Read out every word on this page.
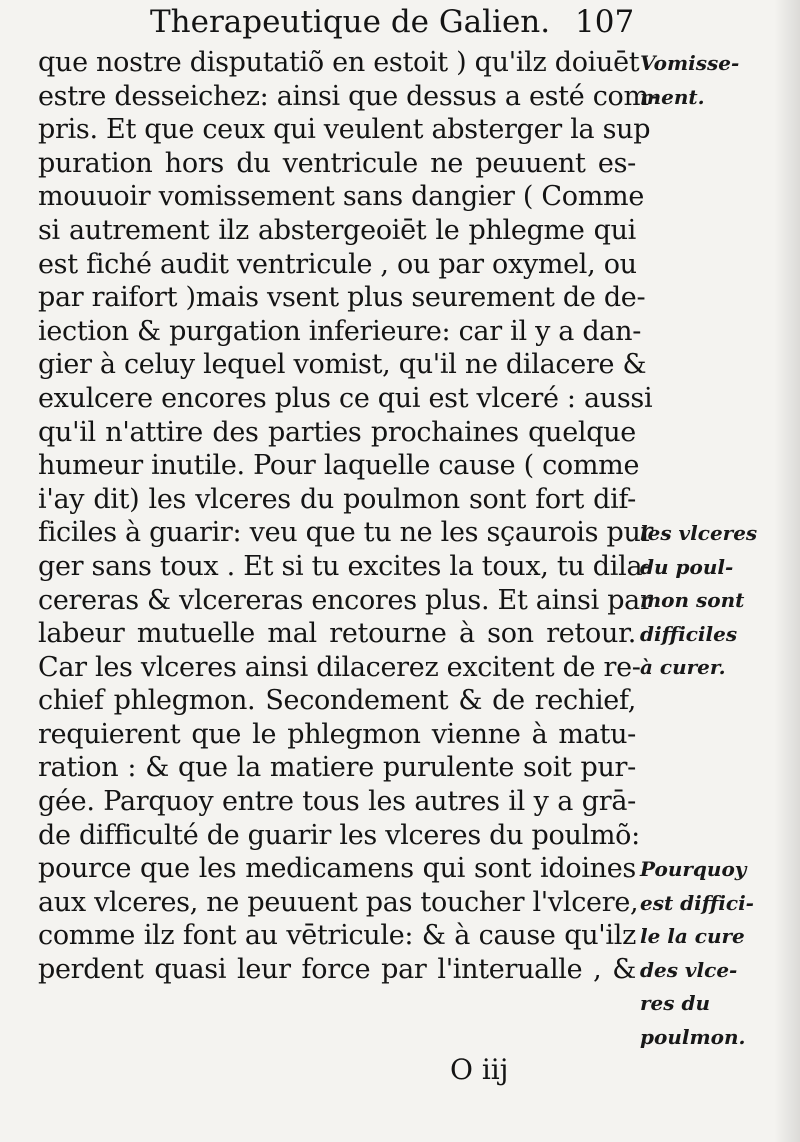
Therapeutique de Galien. 107
que nostre disputatiõ en estoit ) qu'ilz doiuēt
estre desseichez: ainsi que dessus a esté com-
pris. Et que ceux qui veulent absterger la sup
puration hors du ventricule ne peuuent es-
mouuoir vomissement sans dangier ( Comme
si autrement ilz abstergeoiēt le phlegme qui
est fiché audit ventricule , ou par oxymel, ou
par raifort )mais vsent plus seurement de de-
iection & purgation inferieure: car il y a dan-
gier à celuy lequel vomist, qu'il ne dilacere &
exulcere encores plus ce qui est vlceré : aussi
qu'il n'attire des parties prochaines quelque
humeur inutile. Pour laquelle cause ( comme
i'ay dit) les vlceres du poulmon sont fort dif-
ficiles à guarir: veu que tu ne les sçaurois pur
ger sans toux . Et si tu excites la toux, tu dila-
cereras & vlcereras encores plus. Et ainsi par
labeur mutuelle mal retourne à son retour.
Car les vlceres ainsi dilacerez excitent de re-
chief phlegmon. Secondement & de rechief,
requierent que le phlegmon vienne à matu-
ration : & que la matiere purulente soit pur-
gée. Parquoy entre tous les autres il y a grā-
de difficulté de guarir les vlceres du poulmõ:
pource que les medicamens qui sont idoines
aux vlceres, ne peuuent pas toucher l'vlcere,
comme ilz font au vētricule: & à cause qu'ilz
perdent quasi leur force par l'interualle , &
Vomisse-
ment.
les vlceres
du poul-
mon sont
difficiles
à curer.
Pourquoy
est diffici-
le la cure
des vlce-
res du
poulmon.
O iij
